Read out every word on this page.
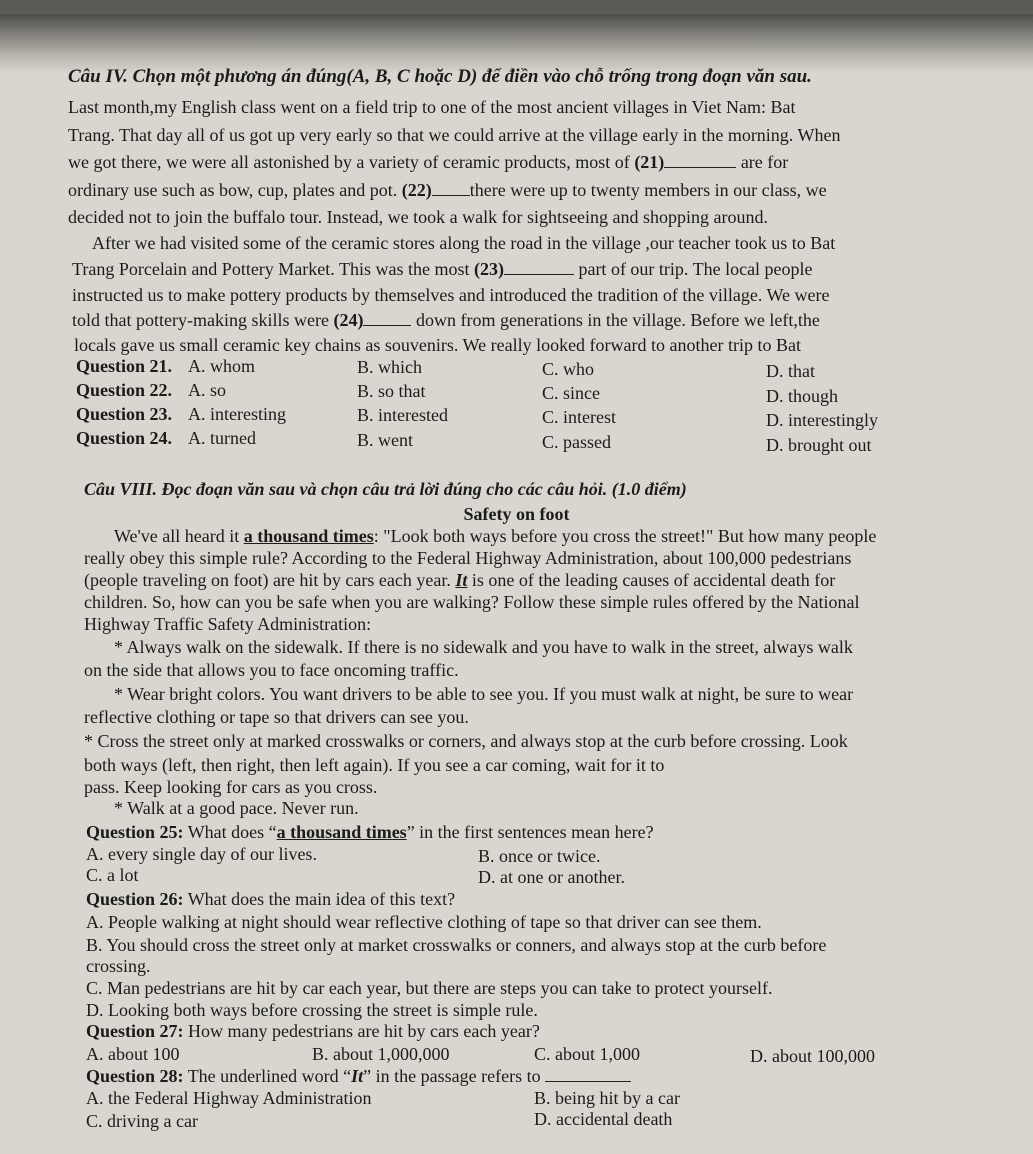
Câu IV. Chọn một phương án đúng(A, B, C hoặc D) để điền vào chỗ trống trong đoạn văn sau.
Last month,my English class went on a field trip to one of the most ancient villages in Viet Nam: Bat
Trang. That day all of us got up very early so that we could arrive at the village early in the morning. When
we got there, we were all astonished by a variety of ceramic products, most of (21)	are for
ordinary use such as bow, cup, plates and pot. (22) there were up to twenty members in our class, we
decided not to join the buffalo tour. Instead, we took a walk for sightseeing and shopping around.
After we had visited some of the ceramic stores along the road in the village ,our teacher took us to Bat
Trang Porcelain and Pottery Market. This was the most (23)	part of our trip. The local people
instructed us to make pottery products by themselves and introduced the tradition of the village. We were
told that pottery-making skills were (24)	down from generations in the village. Before we left,the
locals gave us small ceramic key chains as souvenirs. We really looked forward to another trip to Bat
Question 21. A. whom	B. which	C. who	D. that
Question 22. A. so	B. so that	C. since	D. though
Question 23. A. interesting	B. interested	C. interest	D. interestingly
Question 24. A. turned	B. went	C. passed	D. brought out
Câu VIII. Đọc đoạn văn sau và chọn câu trả lời đúng cho các câu hỏi. (1.0 điểm)
Safety on foot
We've all heard it a thousand times: "Look both ways before you cross the street!" But how many people
really obey this simple rule? According to the Federal Highway Administration, about 100,000 pedestrians
(people traveling on foot) are hit by cars each year. It is one of the leading causes of accidental death for
children. So, how can you be safe when you are walking? Follow these simple rules offered by the National
Highway Traffic Safety Administration:
* Always walk on the sidewalk. If there is no sidewalk and you have to walk in the street, always walk
on the side that allows you to face oncoming traffic.
* Wear bright colors. You want drivers to be able to see you. If you must walk at night, be sure to wear
reflective clothing or tape so that drivers can see you.
* Cross the street only at marked crosswalks or corners, and always stop at the curb before crossing. Look
both ways (left, then right, then left again). If you see a car coming, wait for it to
pass. Keep looking for cars as you cross.
* Walk at a good pace. Never run.
Question 25: What does “a thousand times” in the first sentences mean here?
A. every single day of our lives.	B. once or twice.
C. a lot	D. at one or another.
Question 26: What does the main idea of this text?
A. People walking at night should wear reflective clothing of tape so that driver can see them.
B. You should cross the street only at market crosswalks or conners, and always stop at the curb before
crossing.
C. Man pedestrians are hit by car each year, but there are steps you can take to protect yourself.
D. Looking both ways before crossing the street is simple rule.
Question 27: How many pedestrians are hit by cars each year?
A. about 100	B. about 1,000,000	C. about 1,000	D. about 100,000
Question 28: The underlined word “It” in the passage refers to
A. the Federal Highway Administration	B. being hit by a car
C. driving a car	D. accidental death
